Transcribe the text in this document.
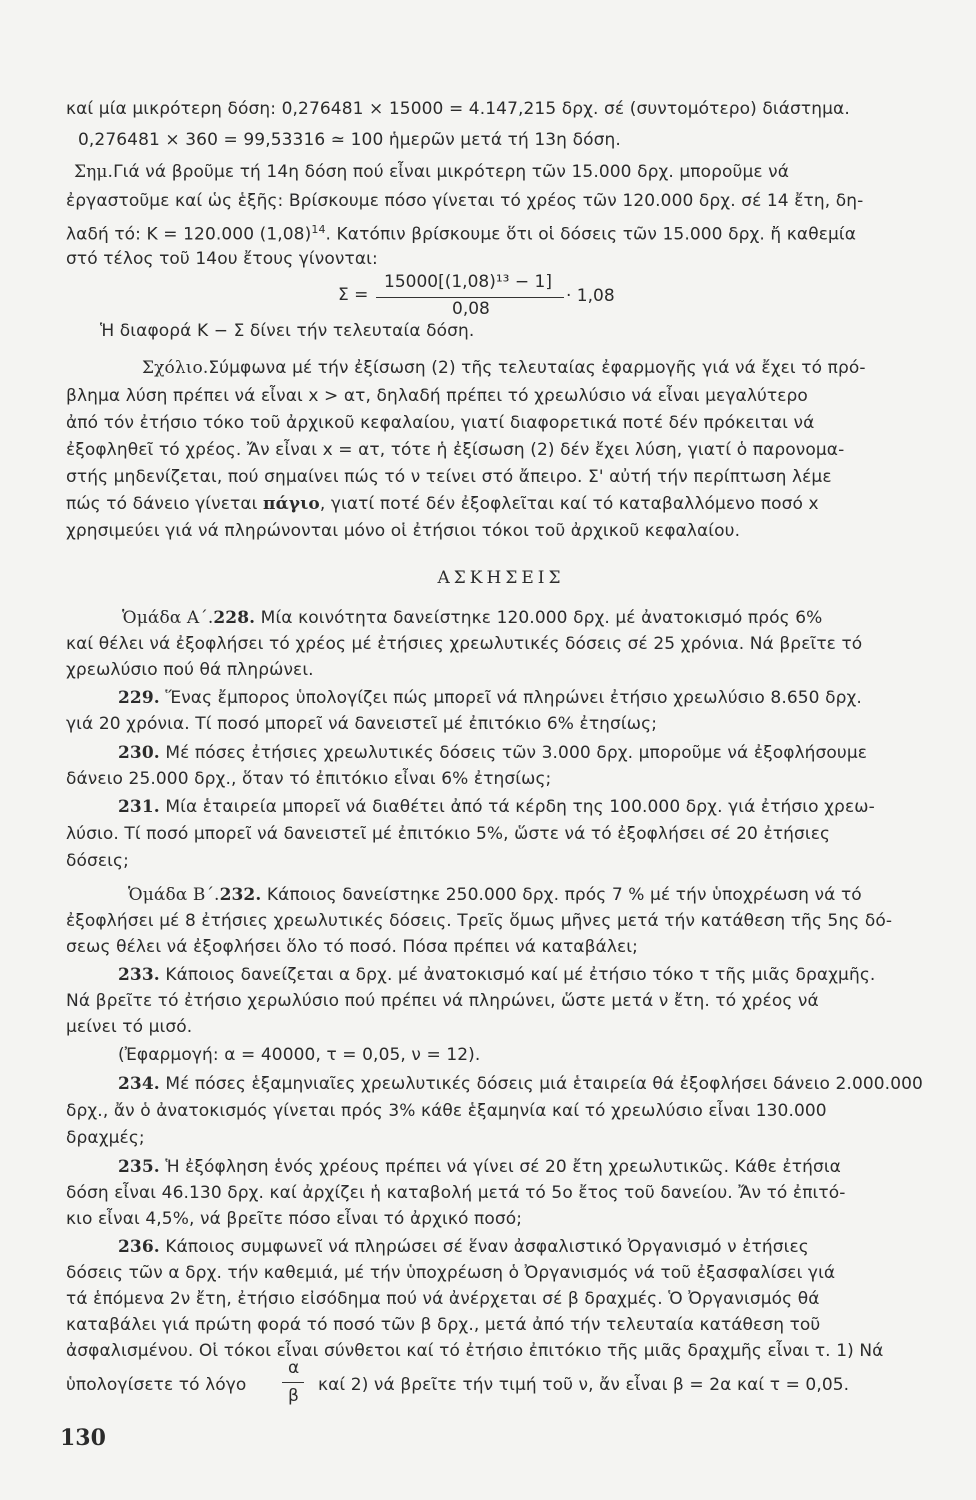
καί μία μικρότερη δόση: 0,276481 × 15000 = 4.147,215 δρχ. σέ (συντομότερο) διάστημα.
0,276481 × 360 = 99,53316 ≃ 100 ἡμερῶν μετά τή 13η δόση.
Σημ.Γιά νά βροῦμε τή 14η δόση πού εἶναι μικρότερη τῶν 15.000 δρχ. μποροῦμε νά
ἐργαστοῦμε καί ὡς ἑξῆς: Βρίσκουμε πόσο γίνεται τό χρέος τῶν 120.000 δρχ. σέ 14 ἔτη, δη-
λαδή τό: K = 120.000 $(1,08)^{14}$. Κατόπιν βρίσκουμε ὅτι οἱ δόσεις τῶν 15.000 δρχ. ἤ καθεμία
στό τέλος τοῦ 14ου ἔτους γίνονται:
Σ =
15000[(1,08)¹³ − 1]
0,08
· 1,08
Ἡ διαφορά K − Σ δίνει τήν τελευταία δόση.
Σχόλιο.Σύμφωνα μέ τήν ἐξίσωση (2) τῆς τελευταίας ἐφαρμογῆς γιά νά ἔχει τό πρό-
βλημα λύση πρέπει νά εἶναι x > ατ, δηλαδή πρέπει τό χρεωλύσιο νά εἶναι μεγαλύτερο
ἀπό τόν ἐτήσιο τόκο τοῦ ἀρχικοῦ κεφαλαίου, γιατί διαφορετικά ποτέ δέν πρόκειται νά
ἐξοφληθεῖ τό χρέος. Ἄν εἶναι x = ατ, τότε ἡ ἐξίσωση (2) δέν ἔχει λύση, γιατί ὁ παρονομα-
στής μηδενίζεται, πού σημαίνει πώς τό ν τείνει στό ἄπειρο. Σ' αὐτή τήν περίπτωση λέμε
πώς τό δάνειο γίνεται πάγιο, γιατί ποτέ δέν ἐξοφλεῖται καί τό καταβαλλόμενο ποσό x
χρησιμεύει γιά νά πληρώνονται μόνο οἱ ἐτήσιοι τόκοι τοῦ ἀρχικοῦ κεφαλαίου.
ΑΣΚΗΣΕΙΣ
Ὁμάδα Α΄.228. Μία κοινότητα δανείστηκε 120.000 δρχ. μέ ἀνατοκισμό πρός 6%
καί θέλει νά ἐξοφλήσει τό χρέος μέ ἐτήσιες χρεωλυτικές δόσεις σέ 25 χρόνια. Νά βρεῖτε τό
χρεωλύσιο πού θά πληρώνει.
229. Ἕνας ἔμπορος ὑπολογίζει πώς μπορεῖ νά πληρώνει ἐτήσιο χρεωλύσιο 8.650 δρχ.
γιά 20 χρόνια. Τί ποσό μπορεῖ νά δανειστεῖ μέ ἐπιτόκιο 6% ἐτησίως;
230. Μέ πόσες ἐτήσιες χρεωλυτικές δόσεις τῶν 3.000 δρχ. μποροῦμε νά ἐξοφλήσουμε
δάνειο 25.000 δρχ., ὅταν τό ἐπιτόκιο εἶναι 6% ἐτησίως;
231. Μία ἑταιρεία μπορεῖ νά διαθέτει ἀπό τά κέρδη της 100.000 δρχ. γιά ἐτήσιο χρεω-
λύσιο. Τί ποσό μπορεῖ νά δανειστεῖ μέ ἐπιτόκιο 5%, ὥστε νά τό ἐξοφλήσει σέ 20 ἐτήσιες
δόσεις;
Ὁμάδα Β΄.232. Κάποιος δανείστηκε 250.000 δρχ. πρός 7 % μέ τήν ὑποχρέωση νά τό
ἐξοφλήσει μέ 8 ἐτήσιες χρεωλυτικές δόσεις. Τρεῖς ὅμως μῆνες μετά τήν κατάθεση τῆς 5ης δό-
σεως θέλει νά ἐξοφλήσει ὅλο τό ποσό. Πόσα πρέπει νά καταβάλει;
233. Κάποιος δανείζεται α δρχ. μέ ἀνατοκισμό καί μέ ἐτήσιο τόκο τ τῆς μιᾶς δραχμῆς.
Νά βρεῖτε τό ἐτήσιο χερωλύσιο πού πρέπει νά πληρώνει, ὥστε μετά ν ἔτη. τό χρέος νά
μείνει τό μισό.
(Ἐφαρμογή: α = 40000, τ = 0,05, ν = 12).
234. Μέ πόσες ἑξαμηνιαῖες χρεωλυτικές δόσεις μιά ἑταιρεία θά ἐξοφλήσει δάνειο 2.000.000
δρχ., ἄν ὁ ἀνατοκισμός γίνεται πρός 3% κάθε ἑξαμηνία καί τό χρεωλύσιο εἶναι 130.000
δραχμές;
235. Ἡ ἐξόφληση ἑνός χρέους πρέπει νά γίνει σέ 20 ἔτη χρεωλυτικῶς. Κάθε ἐτήσια
δόση εἶναι 46.130 δρχ. καί ἀρχίζει ἡ καταβολή μετά τό 5ο ἔτος τοῦ δανείου. Ἄν τό ἐπιτό-
κιο εἶναι 4,5%, νά βρεῖτε πόσο εἶναι τό ἀρχικό ποσό;
236. Κάποιος συμφωνεῖ νά πληρώσει σέ ἕναν ἀσφαλιστικό Ὀργανισμό ν ἐτήσιες
δόσεις τῶν α δρχ. τήν καθεμιά, μέ τήν ὑποχρέωση ὁ Ὀργανισμός νά τοῦ ἐξασφαλίσει γιά
τά ἑπόμενα 2ν ἔτη, ἐτήσιο εἰσόδημα πού νά ἀνέρχεται σέ β δραχμές. Ὁ Ὀργανισμός θά
καταβάλει γιά πρώτη φορά τό ποσό τῶν β δρχ., μετά ἀπό τήν τελευταία κατάθεση τοῦ
ἀσφαλισμένου. Οἱ τόκοι εἶναι σύνθετοι καί τό ἐτήσιο ἐπιτόκιο τῆς μιᾶς δραχμῆς εἶναι τ. 1) Νά
ὑπολογίσετε τό λόγο
α
β
καί 2) νά βρεῖτε τήν τιμή τοῦ ν, ἄν εἶναι β = 2α καί τ = 0,05.
130
